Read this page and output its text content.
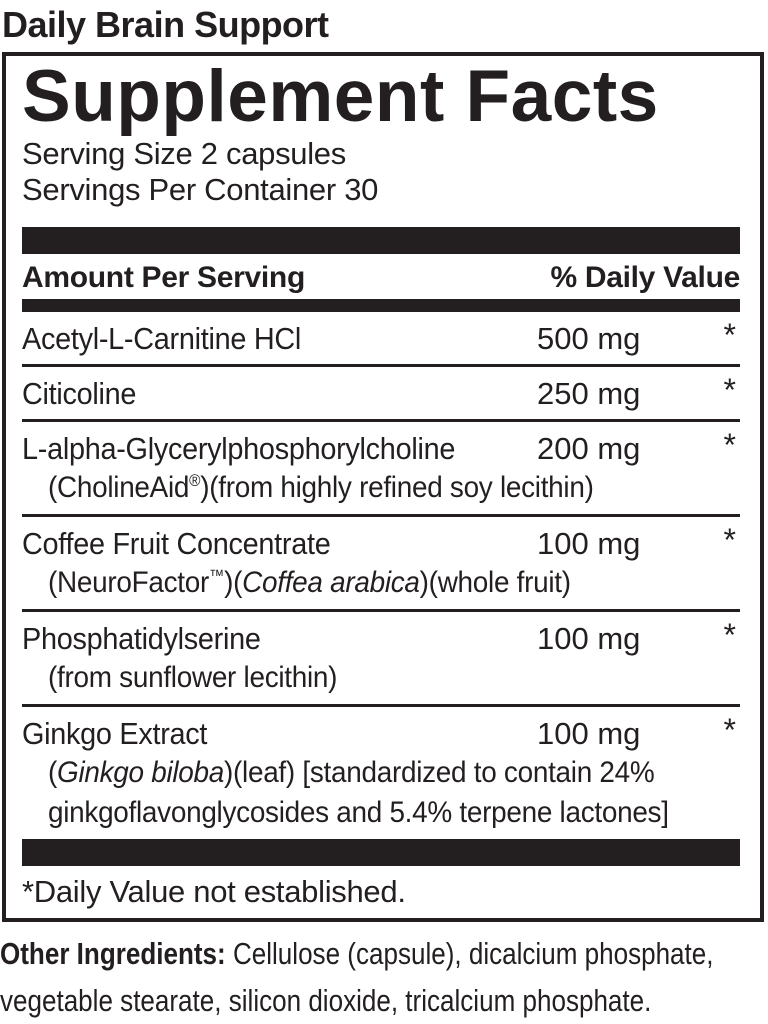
Daily Brain Support
Supplement Facts
Serving Size 2 capsules
Servings Per Container 30
Amount Per Serving	% Daily Value
Acetyl-L-Carnitine HCl	500 mg	*
Citicoline	250 mg	*
L-alpha-Glycerylphosphorylcholine	200 mg	*
(CholineAid®)(from highly refined soy lecithin)
Coffee Fruit Concentrate	100 mg	*
(NeuroFactor™)(Coffea arabica)(whole fruit)
Phosphatidylserine	100 mg	*
(from sunflower lecithin)
Ginkgo Extract	100 mg	*
(Ginkgo biloba)(leaf) [standardized to contain 24%
ginkgoflavonglycosides and 5.4% terpene lactones]
*Daily Value not established.

Other Ingredients: Cellulose (capsule), dicalcium phosphate,
vegetable stearate, silicon dioxide, tricalcium phosphate.
